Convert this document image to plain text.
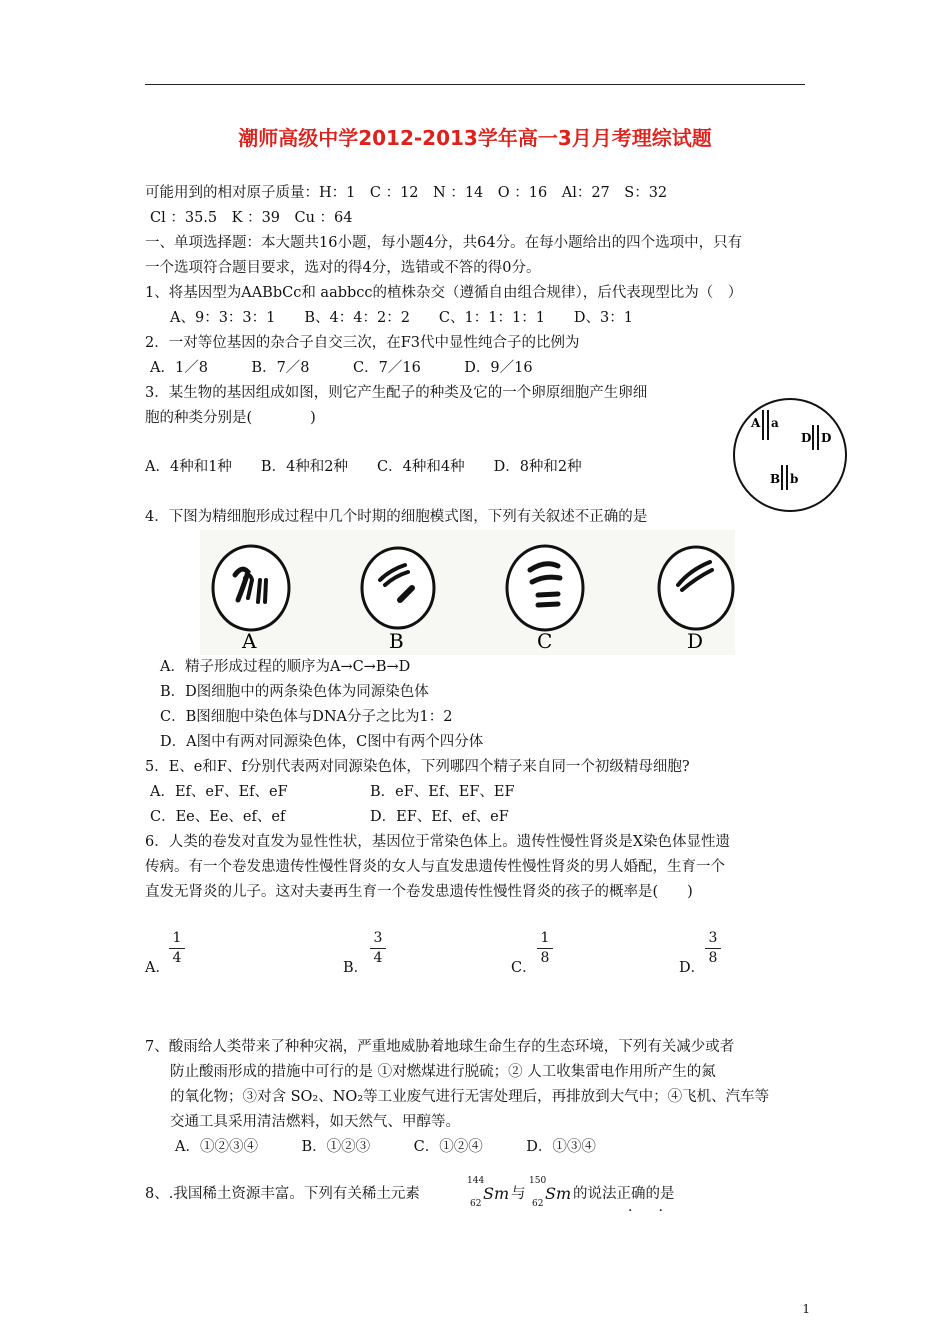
潮师高级中学2012-2013学年高一3月月考理综试题
可能用到的相对原子质量：H：1　C ：12　N ：14　O ：16　Al：27　S：32
Cl ：35.5　K ：39　Cu ：64
一、单项选择题：本大题共16小题，每小题4分，共64分。在每小题给出的四个选项中，只有
一个选项符合题目要求，选对的得4分，选错或不答的得0分。
1、将基因型为AABbCc和 aabbcc的植株杂交（遵循自由组合规律），后代表现型比为（　）
A、9：3：3：1　　B、4：4：2：2　　C、1：1：1：1　　D、3：1
2．一对等位基因的杂合子自交三次，在F3代中显性纯合子的比例为
A．1／8　　　B．7／8　　　C．7／16　　　D．9／16
3．某生物的基因组成如图，则它产生配子的种类及它的一个卵原细胞产生卵细
胞的种类分别是(　　　　)
A．4种和1种　　B．4种和2种　　C．4种和4种　　D．8种和2种
A a
D D
B b
4．下图为精细胞形成过程中几个时期的细胞模式图，下列有关叙述不正确的是
A	B	C	D
A．精子形成过程的顺序为A→C→B→D
B．D图细胞中的两条染色体为同源染色体
C．B图细胞中染色体与DNA分子之比为1：2
D．A图中有两对同源染色体，C图中有两个四分体
5．E、e和F、f分别代表两对同源染色体，下列哪四个精子来自同一个初级精母细胞?
A．Ef、eF、Ef、eF	B．eF、Ef、EF、EF
C．Ee、Ee、ef、ef	D．EF、Ef、ef、eF
6．人类的卷发对直发为显性性状，基因位于常染色体上。遗传性慢性肾炎是X染色体显性遗
传病。有一个卷发患遗传性慢性肾炎的女人与直发患遗传性慢性肾炎的男人婚配，生育一个
直发无肾炎的儿子。这对夫妻再生育一个卷发患遗传性慢性肾炎的孩子的概率是(　　)
A．
1
4
B．
3
4
C．
1
8
D．
3
8
7、酸雨给人类带来了种种灾祸，严重地威胁着地球生命生存的生态环境，下列有关减少或者
防止酸雨形成的措施中可行的是 ①对燃煤进行脱硫；② 人工收集雷电作用所产生的氮
的氧化物；③对含 SO₂、NO₂等工业废气进行无害处理后，再排放到大气中；④飞机、汽车等
交通工具采用清洁燃料，如天然气、甲醇等。
A．①②③④　　　B．①②③　　　C．①②④　　　D．①③④
8、.我国稀土资源丰富。下列有关稀土元素
144
62
Sm 与
150
62
Sm 的说法正确的是
·　·
1
